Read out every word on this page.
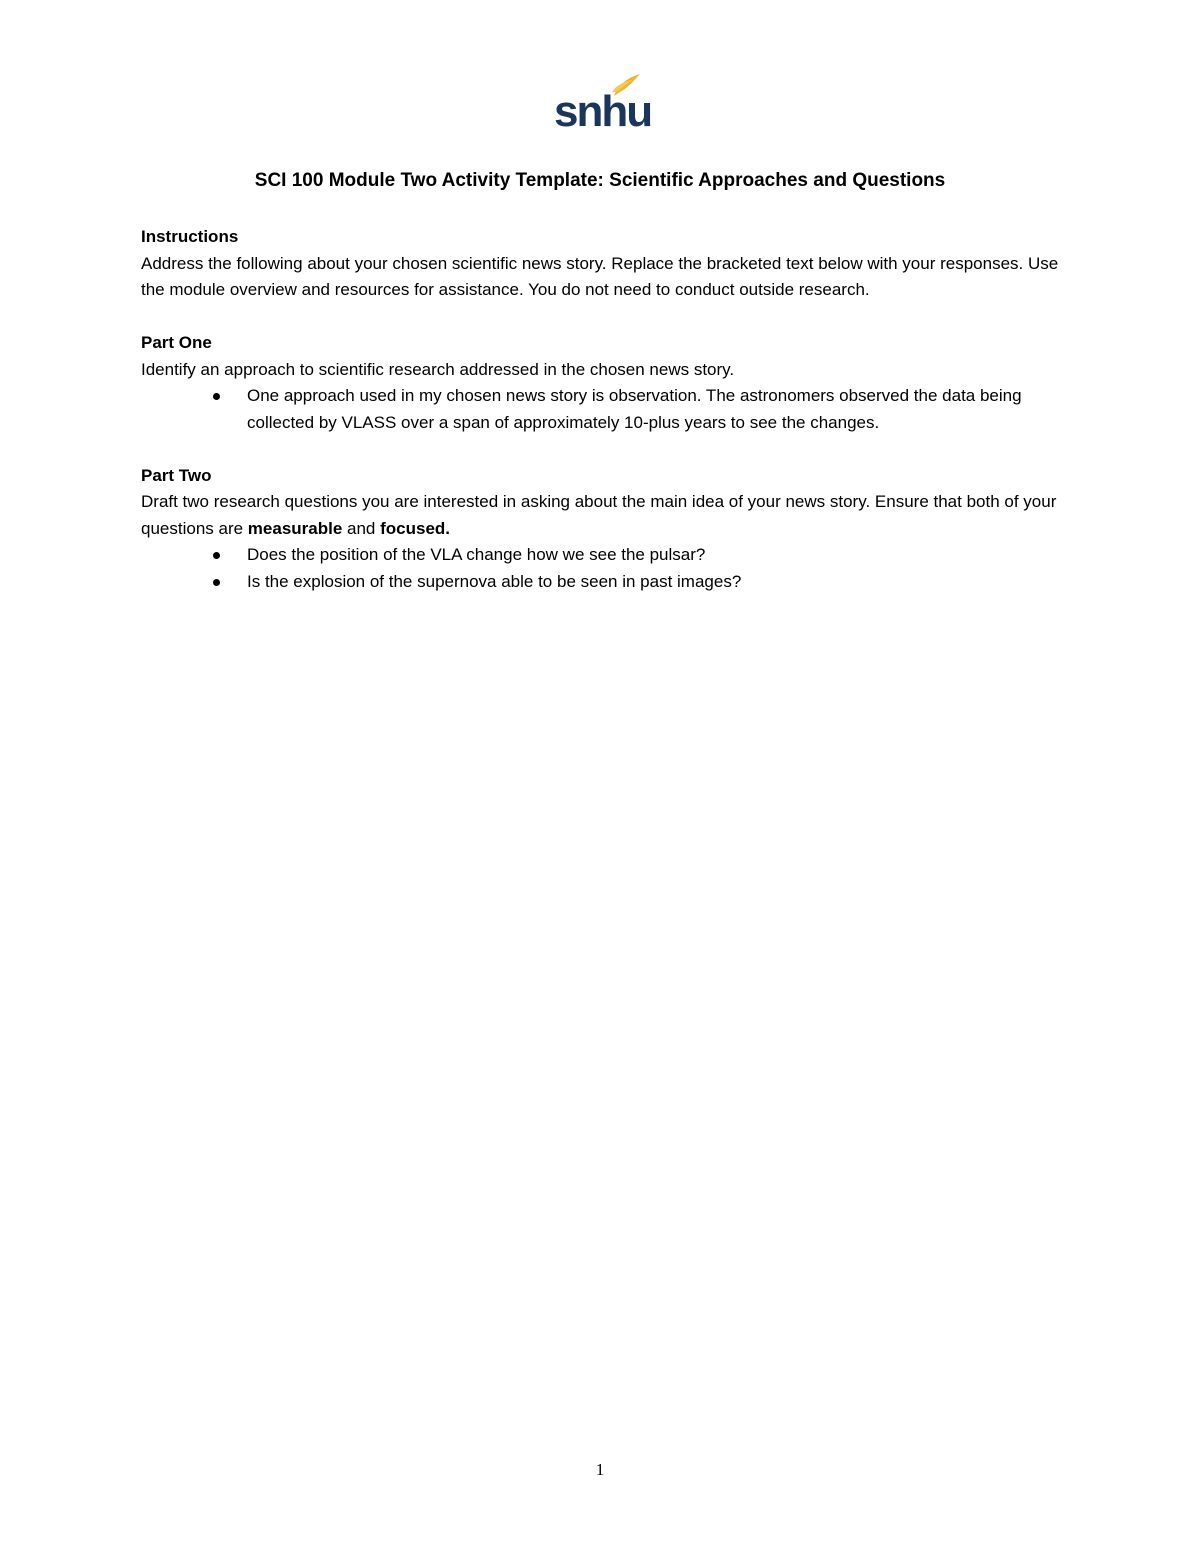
snhu
SCI 100 Module Two Activity Template: Scientific Approaches and Questions

Instructions

Address the following about your chosen scientific news story. Replace the bracketed text below with your responses. Use the module overview and resources for assistance. You do not need to conduct outside research.

Part One

Identify an approach to scientific research addressed in the chosen news story.

One approach used in my chosen news story is observation. The astronomers observed the data being collected by VLASS over a span of approximately 10-plus years to see the changes.

Part Two

Draft two research questions you are interested in asking about the main idea of your news story. Ensure that both of your questions are measurable and focused.

Does the position of the VLA change how we see the pulsar?
Is the explosion of the supernova able to be seen in past images?
1
